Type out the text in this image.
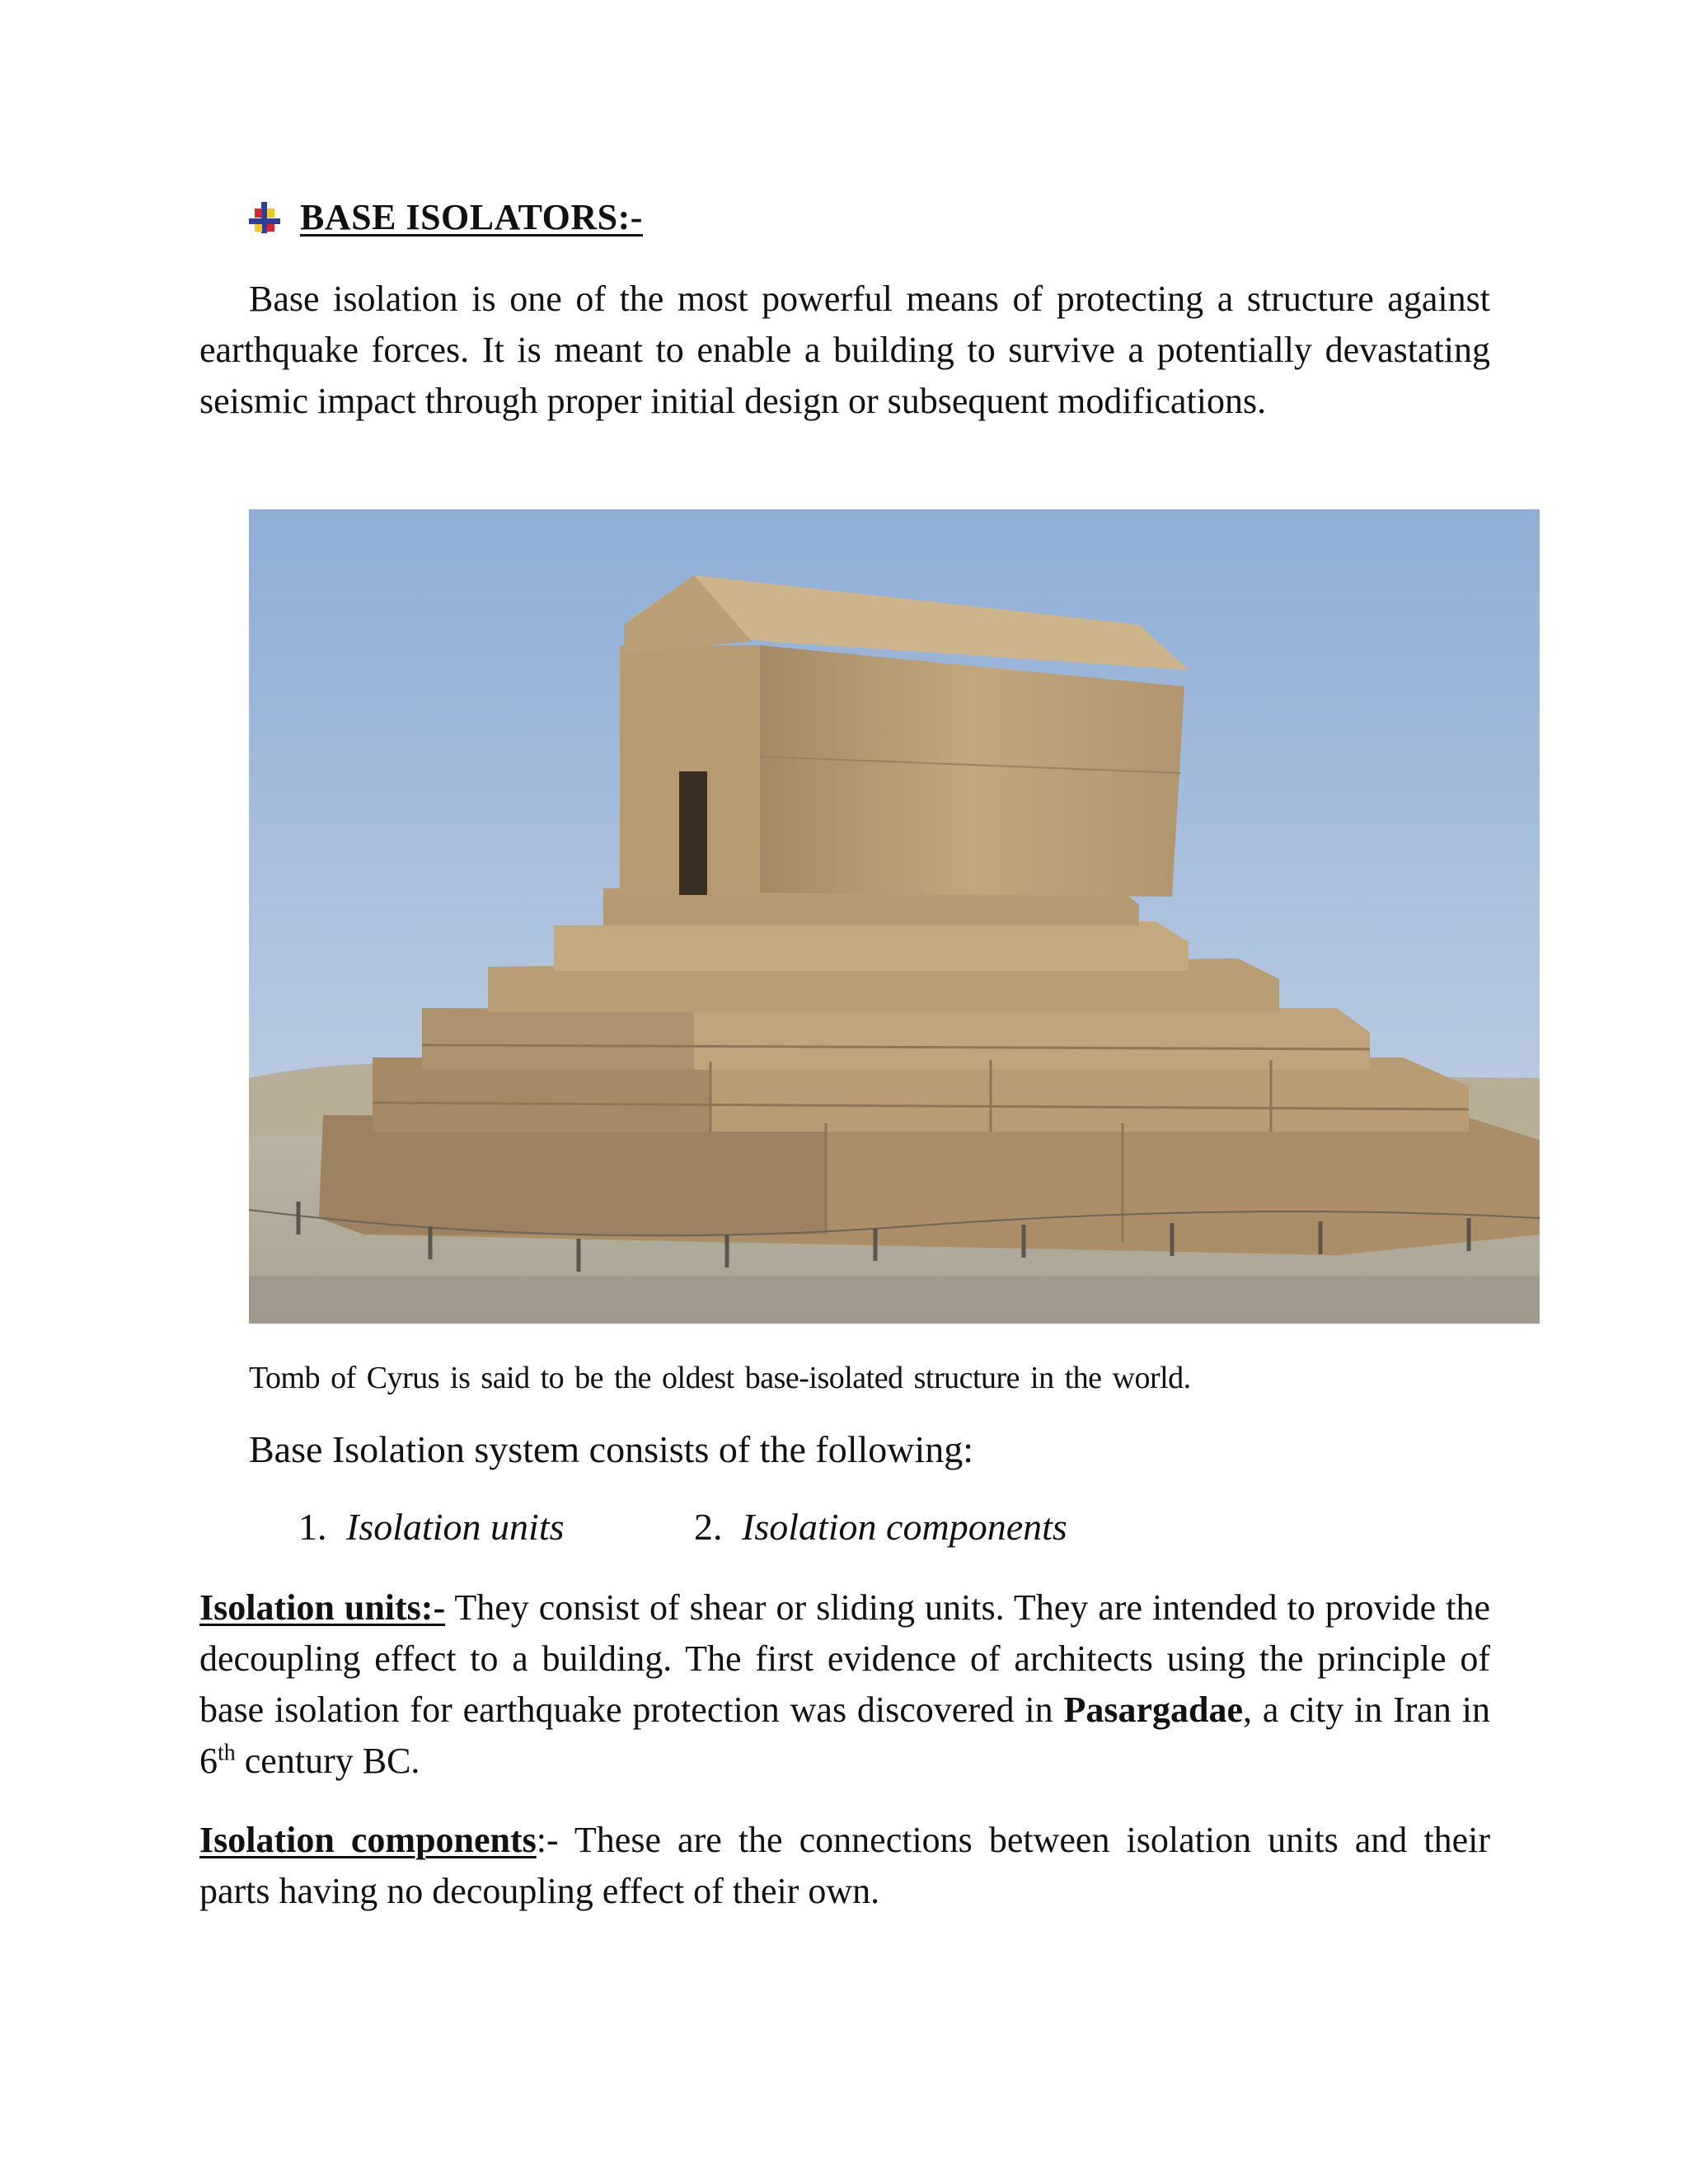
BASE ISOLATORS:-

Base isolation is one of the most powerful means of protecting a structure against earthquake forces. It is meant to enable a building to survive a potentially devastating seismic impact through proper initial design or subsequent modifications.

Tomb of Cyrus is said to be the oldest base-isolated structure in the world.

Base Isolation system consists of the following:

1. Isolation units	2. Isolation components

Isolation units:- They consist of shear or sliding units. They are intended to provide the decoupling effect to a building. The first evidence of architects using the principle of base isolation for earthquake protection was discovered in Pasargadae, a city in Iran in 6th century BC.

Isolation components:- These are the connections between isolation units and their parts having no decoupling effect of their own.
